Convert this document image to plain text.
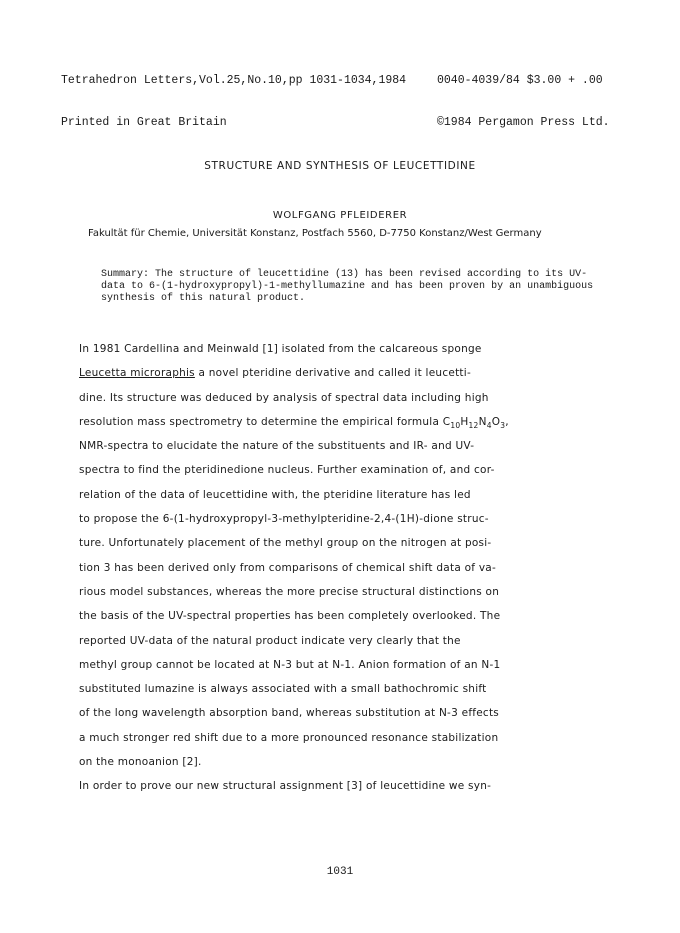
Tetrahedron Letters,Vol.25,No.10,pp 1031-1034,1984

Printed in Great Britain

0040-4039/84 $3.00 + .00

©1984 Pergamon Press Ltd.

STRUCTURE AND SYNTHESIS OF LEUCETTIDINE
WOLFGANG PFLEIDERER
Fakultät für Chemie, Universität Konstanz, Postfach 5560, D-7750 Konstanz/West Germany
Summary: The structure of leucettidine (13) has been revised according to its UV-
data to 6-(1-hydroxypropyl)-1-methyllumazine and has been proven by an unambiguous
synthesis of this natural product.
In 1981 Cardellina and Meinwald [1] isolated from the calcareous sponge
Leucetta microraphis a novel pteridine derivative and called it leucetti-
dine. Its structure was deduced by analysis of spectral data including high
resolution mass spectrometry to determine the empirical formula $C_{10}H_{12}N_4O_3$,
NMR-spectra to elucidate the nature of the substituents and IR- and UV-
spectra to find the pteridinedione nucleus. Further examination of, and cor-
relation of the data of leucettidine with, the pteridine literature has led
to propose the 6-(1-hydroxypropyl-3-methylpteridine-2,4-(1H)-dione struc-
ture. Unfortunately placement of the methyl group on the nitrogen at posi-
tion 3 has been derived only from comparisons of chemical shift data of va-
rious model substances, whereas the more precise structural distinctions on
the basis of the UV-spectral properties has been completely overlooked. The
reported UV-data of the natural product indicate very clearly that the
methyl group cannot be located at N-3 but at N-1. Anion formation of an N-1
substituted lumazine is always associated with a small bathochromic shift
of the long wavelength absorption band, whereas substitution at N-3 effects
a much stronger red shift due to a more pronounced resonance stabilization
on the monoanion [2].
In order to prove our new structural assignment [3] of leucettidine we syn-
1031
